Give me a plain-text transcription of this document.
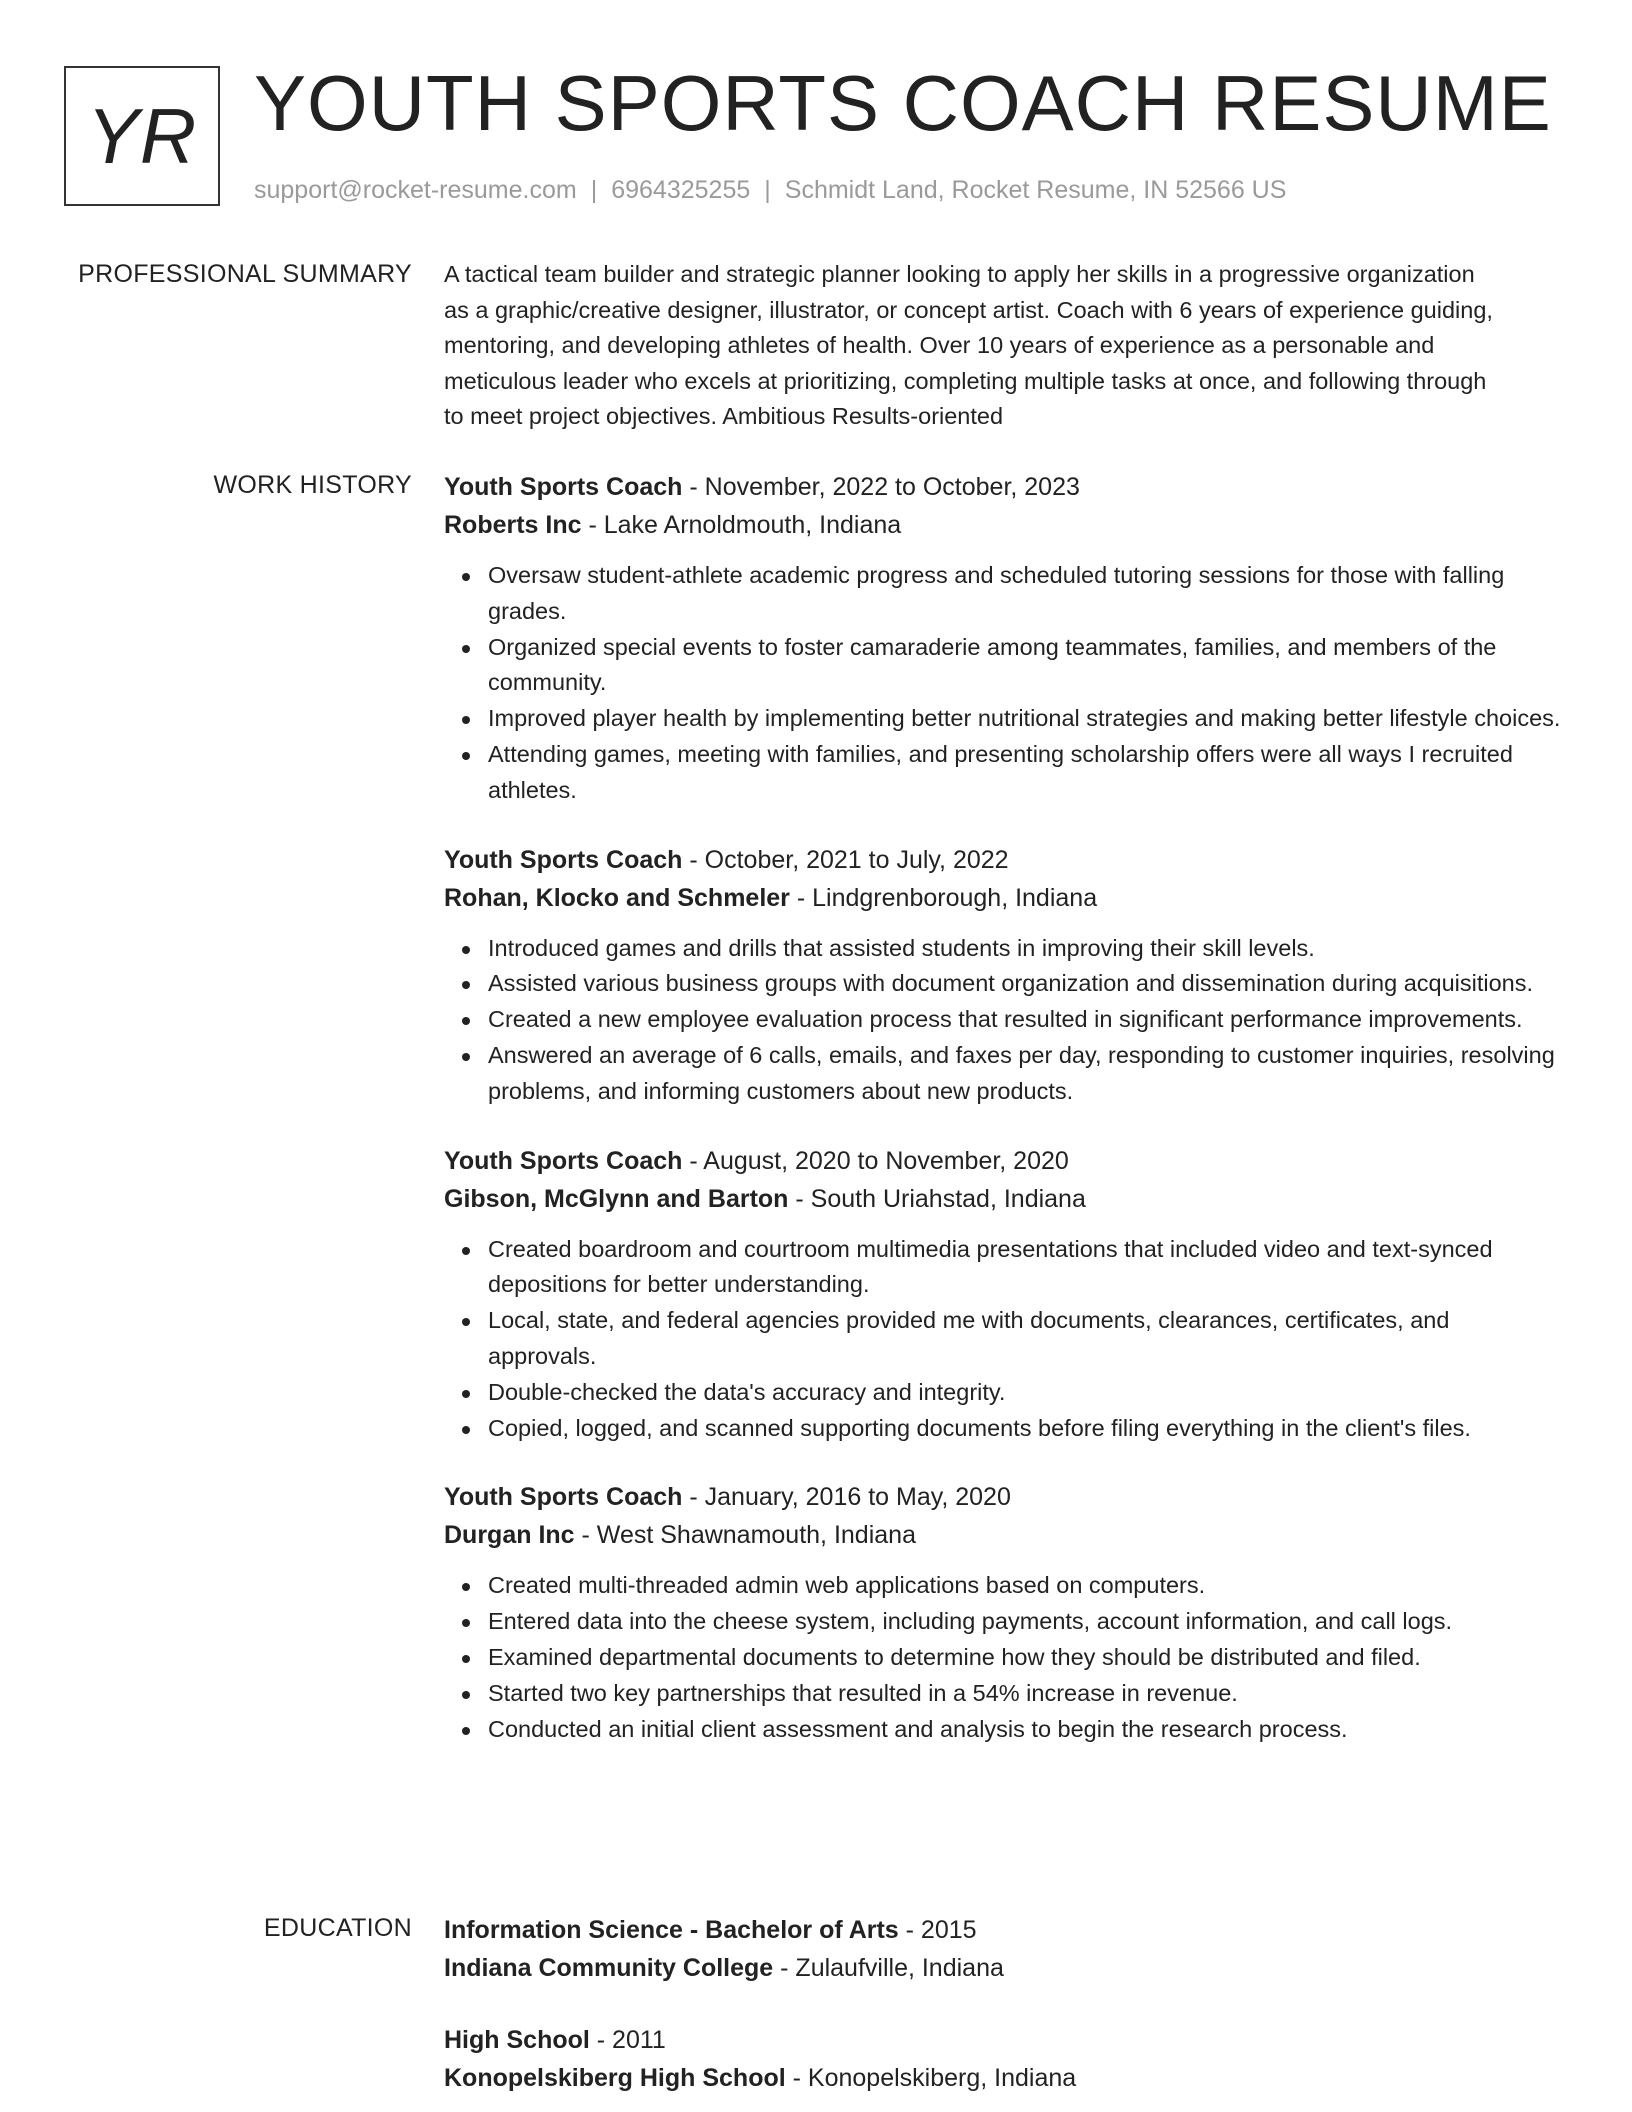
YR YOUTH SPORTS COACH RESUME
support@rocket-resume.com | 6964325255 | Schmidt Land, Rocket Resume, IN 52566 US
PROFESSIONAL SUMMARY A tactical team builder and strategic planner looking to apply her skills in a progressive organization
as a graphic/creative designer, illustrator, or concept artist. Coach with 6 years of experience guiding,
mentoring, and developing athletes of health. Over 10 years of experience as a personable and
meticulous leader who excels at prioritizing, completing multiple tasks at once, and following through
to meet project objectives. Ambitious Results-oriented

WORK HISTORY Youth Sports Coach - November, 2022 to October, 2023
Roberts Inc - Lake Arnoldmouth, Indiana
Oversaw student-athlete academic progress and scheduled tutoring sessions for those with falling grades.
Organized special events to foster camaraderie among teammates, families, and members of the community.
Improved player health by implementing better nutritional strategies and making better lifestyle choices.
Attending games, meeting with families, and presenting scholarship offers were all ways I recruited athletes.
Youth Sports Coach - October, 2021 to July, 2022
Rohan, Klocko and Schmeler - Lindgrenborough, Indiana
Introduced games and drills that assisted students in improving their skill levels.
Assisted various business groups with document organization and dissemination during acquisitions.
Created a new employee evaluation process that resulted in significant performance improvements.
Answered an average of 6 calls, emails, and faxes per day, responding to customer inquiries, resolving problems, and informing customers about new products.
Youth Sports Coach - August, 2020 to November, 2020
Gibson, McGlynn and Barton - South Uriahstad, Indiana
Created boardroom and courtroom multimedia presentations that included video and text-synced depositions for better understanding.
Local, state, and federal agencies provided me with documents, clearances, certificates, and approvals.
Double-checked the data's accuracy and integrity.
Copied, logged, and scanned supporting documents before filing everything in the client's files.
Youth Sports Coach - January, 2016 to May, 2020
Durgan Inc - West Shawnamouth, Indiana
Created multi-threaded admin web applications based on computers.
Entered data into the cheese system, including payments, account information, and call logs.
Examined departmental documents to determine how they should be distributed and filed.
Started two key partnerships that resulted in a 54% increase in revenue.
Conducted an initial client assessment and analysis to begin the research process.
EDUCATION Information Science - Bachelor of Arts - 2015
Indiana Community College - Zulaufville, Indiana
High School - 2011
Konopelskiberg High School - Konopelskiberg, Indiana
